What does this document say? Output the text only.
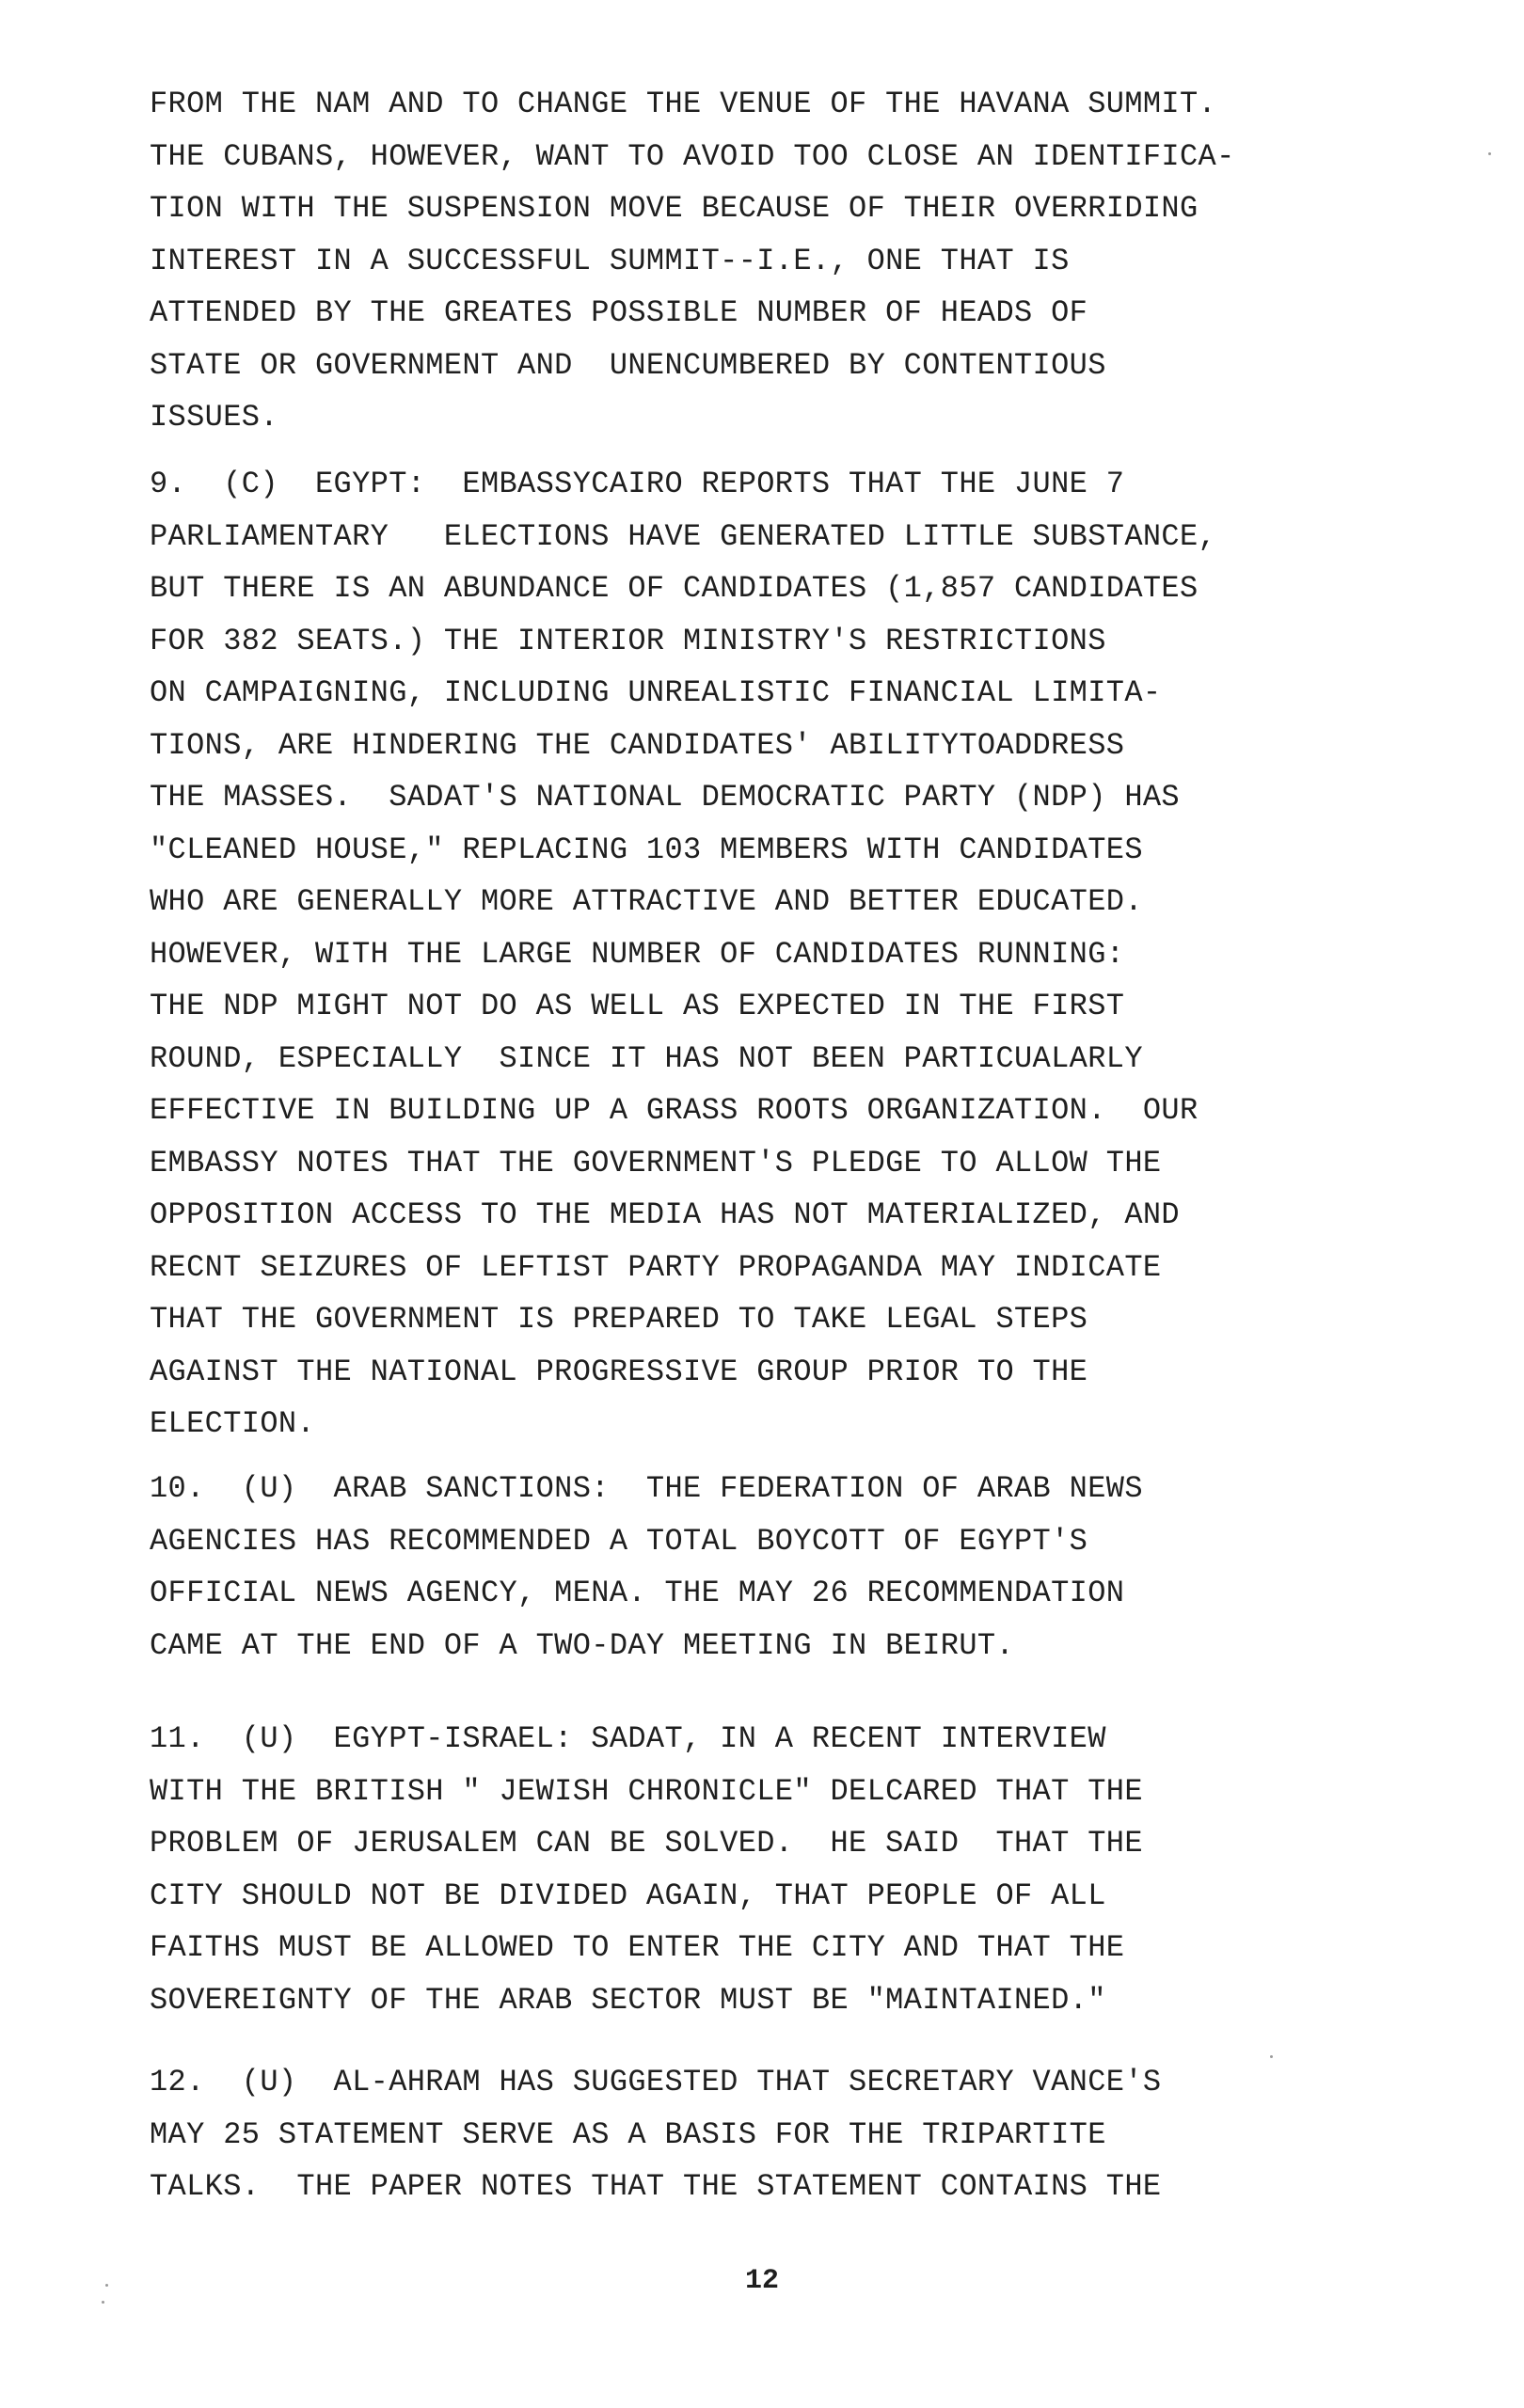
FROM THE NAM AND TO CHANGE THE VENUE OF THE HAVANA SUMMIT.
THE CUBANS, HOWEVER, WANT TO AVOID TOO CLOSE AN IDENTIFICA-
TION WITH THE SUSPENSION MOVE BECAUSE OF THEIR OVERRIDING
INTEREST IN A SUCCESSFUL SUMMIT--I.E., ONE THAT IS
ATTENDED BY THE GREATES POSSIBLE NUMBER OF HEADS OF
STATE OR GOVERNMENT AND  UNENCUMBERED BY CONTENTIOUS
ISSUES.
9.  (C)  EGYPT:  EMBASSYCAIRO REPORTS THAT THE JUNE 7
PARLIAMENTARY   ELECTIONS HAVE GENERATED LITTLE SUBSTANCE,
BUT THERE IS AN ABUNDANCE OF CANDIDATES (1,857 CANDIDATES
FOR 382 SEATS.) THE INTERIOR MINISTRY'S RESTRICTIONS
ON CAMPAIGNING, INCLUDING UNREALISTIC FINANCIAL LIMITA-
TIONS, ARE HINDERING THE CANDIDATES' ABILITYTOADDRESS
THE MASSES.  SADAT'S NATIONAL DEMOCRATIC PARTY (NDP) HAS
"CLEANED HOUSE," REPLACING 103 MEMBERS WITH CANDIDATES
WHO ARE GENERALLY MORE ATTRACTIVE AND BETTER EDUCATED.
HOWEVER, WITH THE LARGE NUMBER OF CANDIDATES RUNNING:
THE NDP MIGHT NOT DO AS WELL AS EXPECTED IN THE FIRST
ROUND, ESPECIALLY  SINCE IT HAS NOT BEEN PARTICUALARLY
EFFECTIVE IN BUILDING UP A GRASS ROOTS ORGANIZATION.  OUR
EMBASSY NOTES THAT THE GOVERNMENT'S PLEDGE TO ALLOW THE
OPPOSITION ACCESS TO THE MEDIA HAS NOT MATERIALIZED, AND
RECNT SEIZURES OF LEFTIST PARTY PROPAGANDA MAY INDICATE
THAT THE GOVERNMENT IS PREPARED TO TAKE LEGAL STEPS
AGAINST THE NATIONAL PROGRESSIVE GROUP PRIOR TO THE
ELECTION.
10.  (U)  ARAB SANCTIONS:  THE FEDERATION OF ARAB NEWS
AGENCIES HAS RECOMMENDED A TOTAL BOYCOTT OF EGYPT'S
OFFICIAL NEWS AGENCY, MENA. THE MAY 26 RECOMMENDATION
CAME AT THE END OF A TWO-DAY MEETING IN BEIRUT.
11.  (U)  EGYPT-ISRAEL: SADAT, IN A RECENT INTERVIEW
WITH THE BRITISH " JEWISH CHRONICLE" DELCARED THAT THE
PROBLEM OF JERUSALEM CAN BE SOLVED.  HE SAID  THAT THE
CITY SHOULD NOT BE DIVIDED AGAIN, THAT PEOPLE OF ALL
FAITHS MUST BE ALLOWED TO ENTER THE CITY AND THAT THE
SOVEREIGNTY OF THE ARAB SECTOR MUST BE "MAINTAINED."
12.  (U)  AL-AHRAM HAS SUGGESTED THAT SECRETARY VANCE'S
MAY 25 STATEMENT SERVE AS A BASIS FOR THE TRIPARTITE
TALKS.  THE PAPER NOTES THAT THE STATEMENT CONTAINS THE
12
